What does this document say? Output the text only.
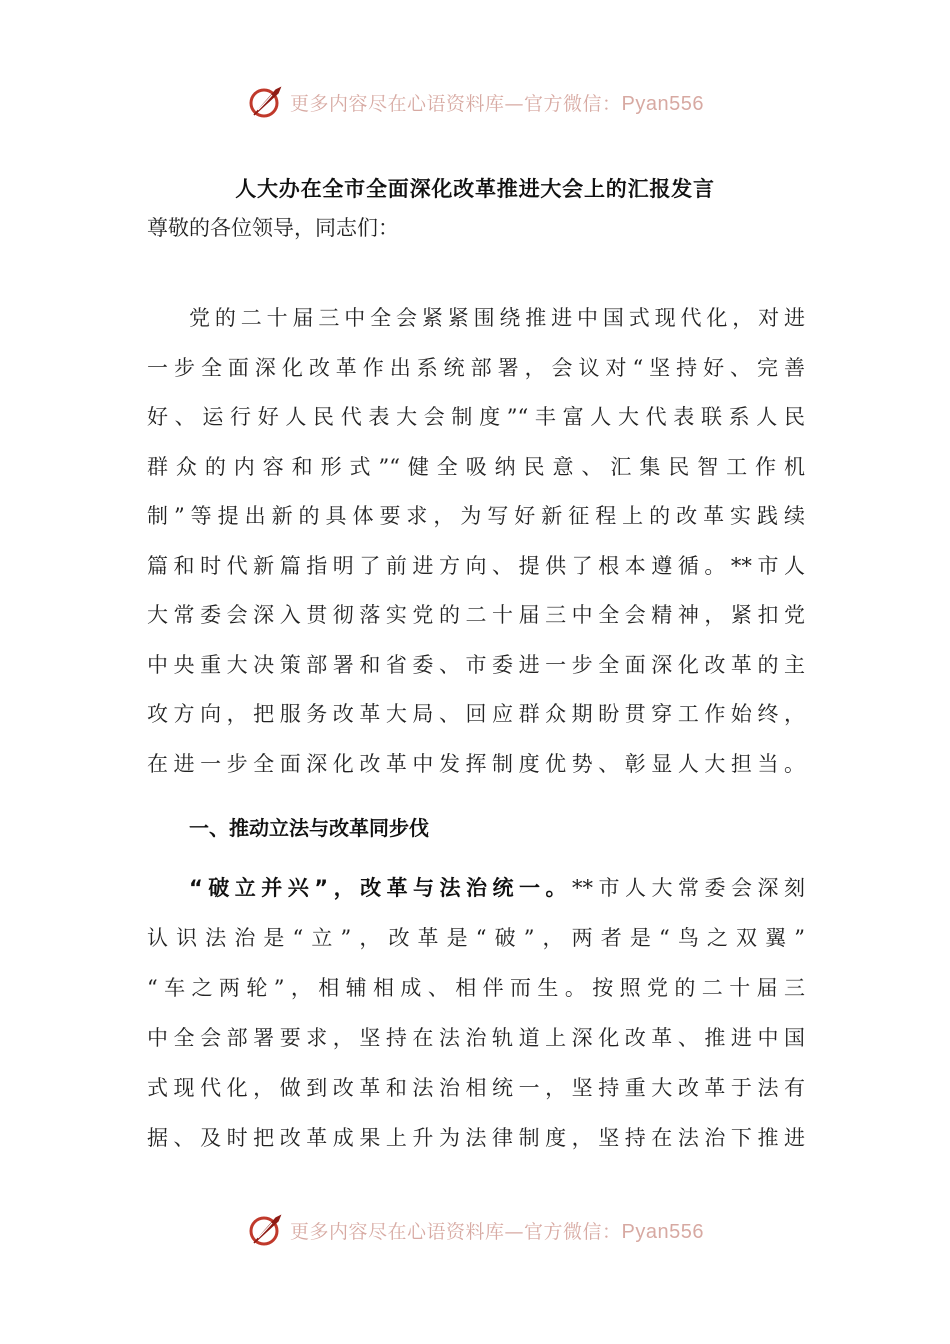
更多内容尽在心语资料库—官方微信：Pyan556
人大办在全市全面深化改革推进大会上的汇报发言
尊敬的各位领导，同志们：
党的二十届三中全会紧紧围绕推进中国式现代化，对进
一步全面深化改革作出系统部署，会议对“坚持好、完善
好、运行好人民代表大会制度”“丰富人大代表联系人民
群众的内容和形式”“健全吸纳民意、汇集民智工作机
制”等提出新的具体要求，为写好新征程上的改革实践续
篇和时代新篇指明了前进方向、提供了根本遵循。**市人
大常委会深入贯彻落实党的二十届三中全会精神，紧扣党
中央重大决策部署和省委、市委进一步全面深化改革的主
攻方向，把服务改革大局、回应群众期盼贯穿工作始终，
在进一步全面深化改革中发挥制度优势、彰显人大担当。
一、推动立法与改革同步伐
“破立并兴”，改革与法治统一。**市人大常委会深刻
认识法治是“立”，改革是“破”，两者是“鸟之双翼”
“车之两轮”，相辅相成、相伴而生。按照党的二十届三
中全会部署要求，坚持在法治轨道上深化改革、推进中国
式现代化，做到改革和法治相统一，坚持重大改革于法有
据、及时把改革成果上升为法律制度，坚持在法治下推进
更多内容尽在心语资料库—官方微信：Pyan556
